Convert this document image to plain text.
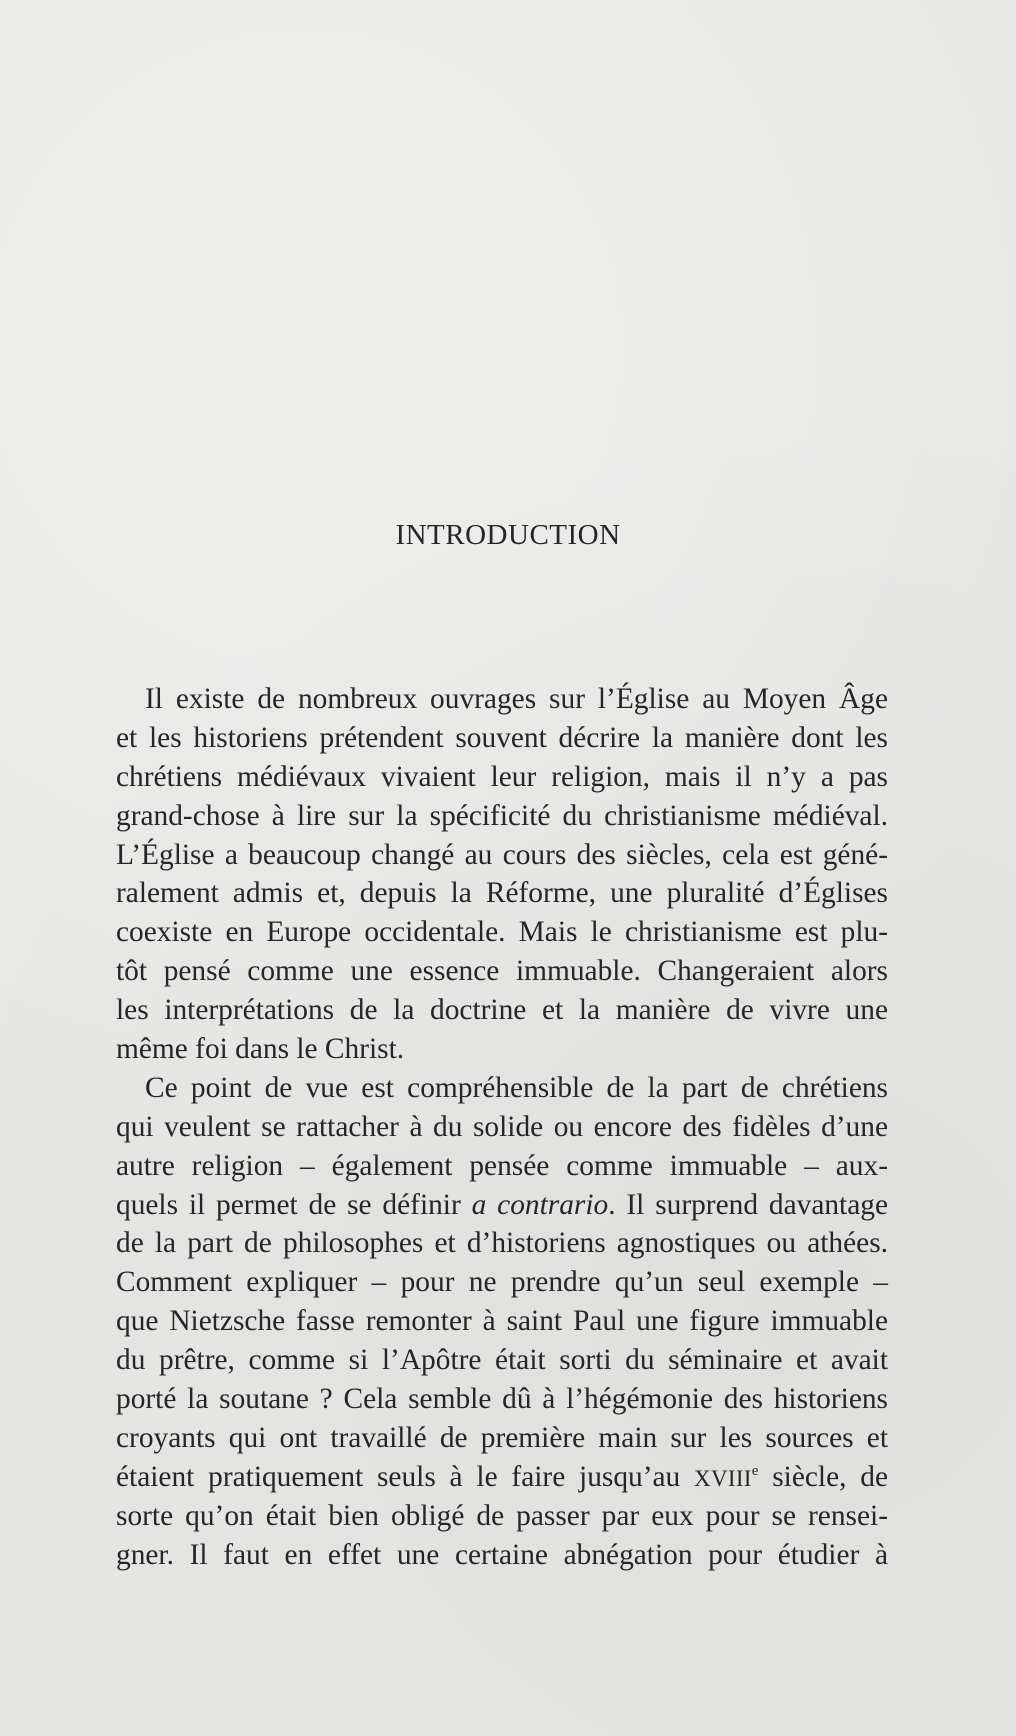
INTRODUCTION
Il existe de nombreux ouvrages sur l’Église au Moyen Âge
et les historiens prétendent souvent décrire la manière dont les
chrétiens médiévaux vivaient leur religion, mais il n’y a pas
grand-chose à lire sur la spécificité du christianisme médiéval.
L’Église a beaucoup changé au cours des siècles, cela est géné-
ralement admis et, depuis la Réforme, une pluralité d’Églises
coexiste en Europe occidentale. Mais le christianisme est plu-
tôt pensé comme une essence immuable. Changeraient alors
les interprétations de la doctrine et la manière de vivre une
même foi dans le Christ.
Ce point de vue est compréhensible de la part de chrétiens
qui veulent se rattacher à du solide ou encore des fidèles d’une
autre religion – également pensée comme immuable – aux-
quels il permet de se définir a contrario. Il surprend davantage
de la part de philosophes et d’historiens agnostiques ou athées.
Comment expliquer – pour ne prendre qu’un seul exemple –
que Nietzsche fasse remonter à saint Paul une figure immuable
du prêtre, comme si l’Apôtre était sorti du séminaire et avait
porté la soutane ? Cela semble dû à l’hégémonie des historiens
croyants qui ont travaillé de première main sur les sources et
étaient pratiquement seuls à le faire jusqu’au XVIIIe siècle, de
sorte qu’on était bien obligé de passer par eux pour se rensei-
gner. Il faut en effet une certaine abnégation pour étudier à
